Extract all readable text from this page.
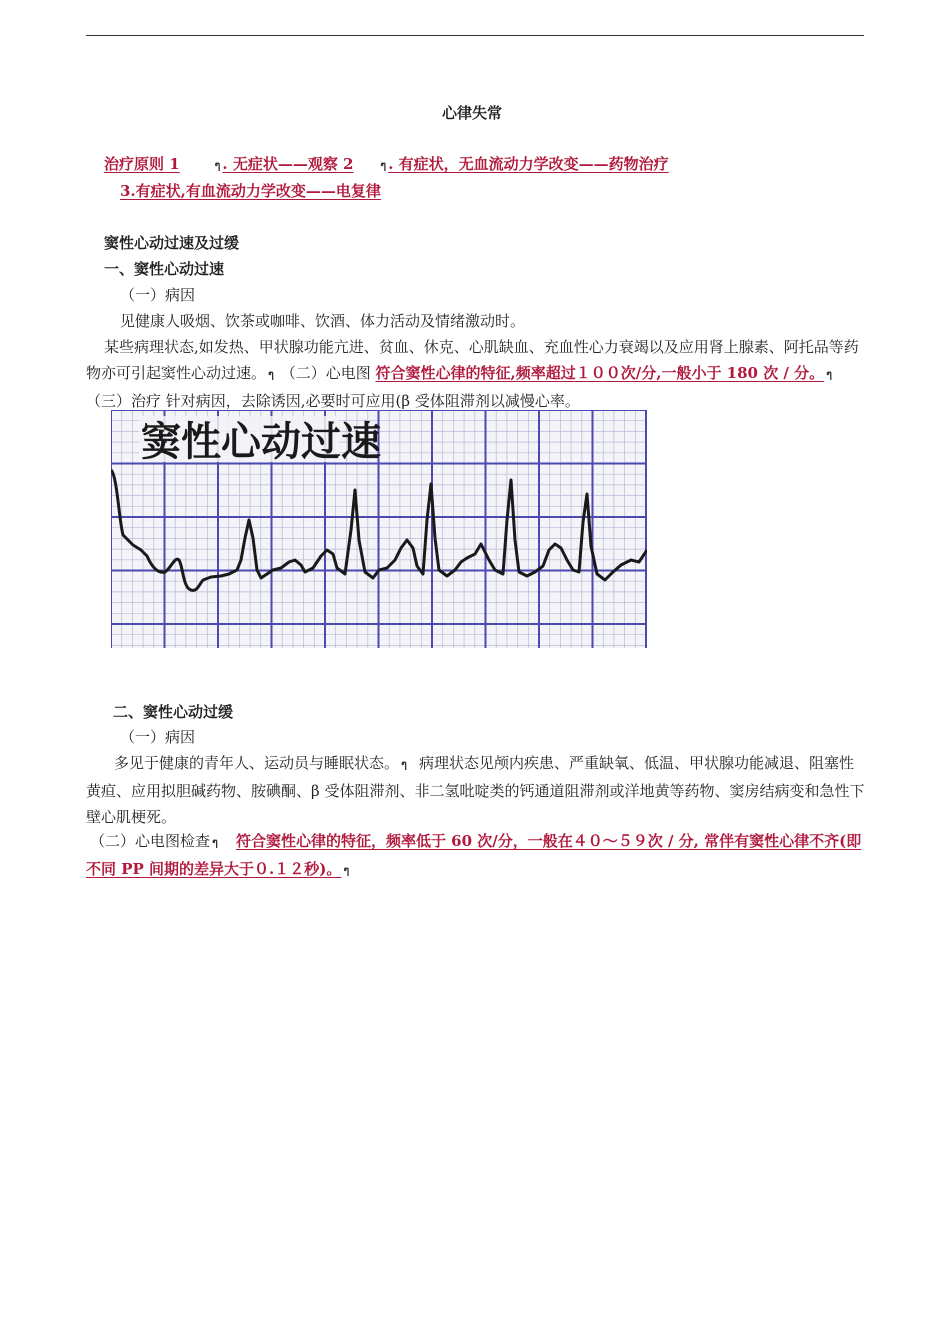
心律失常
治疗原则 1	ๆ . 无症状——观察 2 ๆ . 有症状，无血流动力学改变——药物治疗
3.有症状,有血流动力学改变——电复律
窦性心动过速及过缓
一、窦性心动过速
（一）病因
见健康人吸烟、饮茶或咖啡、饮酒、体力活动及情绪激动时。
某些病理状态,如发热、甲状腺功能亢进、贫血、休克、心肌缺血、充血性心力衰竭以及应用肾上腺素、阿托品等药物亦可引起窦性心动过速。 ๆ （二）心电图 符合窦性心律的特征,频率超过１００次/分,一般小于 180 次 / 分。 ๆ （三）治疗 针对病因，去除诱因,必要时可应用(β 受体阻滞剂以减慢心率。
窦性心动过速
二、窦性心动过缓
（一）病因
多见于健康的青年人、运动员与睡眠状态。 ๆ 病理状态见颅内疾患、严重缺氧、低温、甲状腺功能减退、阻塞性黄疸、应用拟胆碱药物、胺碘酮、β 受体阻滞剂、非二氢吡啶类的钙通道阻滞剂或洋地黄等药物、窦房结病变和急性下壁心肌梗死。
（二）心电图检查 ๆ 符合窦性心律的特征，频率低于 60 次/分，一般在４０～５９次 / 分, 常伴有窦性心律不齐(即不同 PP 间期的差异大于０.１２秒)。 ๆ
